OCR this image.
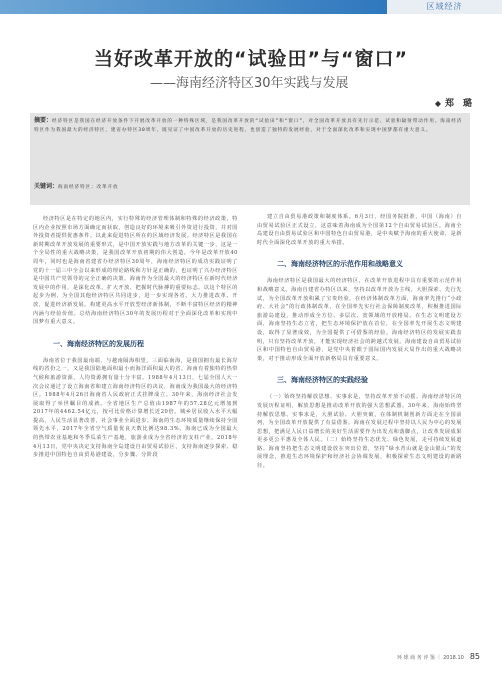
区域经济
当好改革开放的“试验田”与“窗口”

——海南经济特区30年实践与发展

◆ 郑　璐

摘要：经济特区是我国在经济开放条件下开展改革开放的一种特殊区域，是我国改革开放的“试验田”和“窗口”，对全国改革开放具有先行示范、试验和辐射带动作用。海南经济特区作为我国最大的经济特区，建省办特区30周年，既见证了中国改革开放的历史进程，也创造了独特的发展经验，对于全面深化改革和实现中国梦都有重大意义。

关键词：海南经济特区；改革开放

经济特区是在特定的地区内，实行特殊的经济管理体制和特殊的经济政策，特区内企业按照市场方面确定而获取，创造良好的环境来吸引外资进行投资，并对国外投资者提供优惠条件。以此来促进特区所在的区域经济发展。经济特区是我国在新时期改革开放发展的重要形式，是中国开放实践与地方改革的关键一步，这是一个全局性的重大战略决策，是我国改革开放初期的伟大创造。今年是改革开放40周年，同时也是海南省建省办经济特区30周年，海南经济特区的成功实践证明了党的十一届三中全会以来形成的理论路线和方针是正确的，也证明了兴办经济特区是中国共产党领导的完全正确的决策。海南作为全国最大的经济特区在新时代经济发展中的作用，是深化改革、扩大开放、把握时代脉搏的重要标志。以这个特区的起步为例，为全国其他经济特区共同进步，进一步实现各省。大力推进改革、开放，促进经济新发展。构建更高水平开放型经济新体制，不断丰富特区经济的精神内涵与经验价值。总结海南经济特区30年的发展历程对于全面深化改革和实现中国梦有重大意义。

一、海南经济特区的发展历程

海南省位于我国最南端，与越南隔海相望，三面临南海，是我国拥有最长海岸线的省份之一，又是我国陆地面积最小而海洋面积最大的省。海南有着独特的热带气候和旅游资源，人均资源拥有量十分丰富。1988年4月13日，七届全国人大一次会议通过了设立海南省和建立海南经济特区的决议，海南成为我国最大的经济特区。1988年4月26日海南省人民政府正式挂牌成立。30年来，海南经济社会发展取得了举世瞩目的成就。全省地区生产总值由1987年的57.28亿元增加到2017年的4462.54亿元，按可比价格计算增长近20倍。城乡居民收入水平大幅提高，人民生活显著改善，社会事业全面进步。海南的生态环境质量继续保持全国领先水平，2017年全省空气质量优良天数比例达98.3%。海南已成为全国最大的热带农业基地和冬季瓜菜生产基地，旅游业成为全省经济的支柱产业。2018年4月13日，党中央决定支持海南全岛建设自由贸易试验区，支持海南逐步探索、稳步推进中国特色自由贸易港建设，分步骤、分阶段

建立自由贸易港政策和制度体系。6月3日，经国务院批准，中国（海南）自由贸易试验区正式设立，这意味着海南成为全国第12个自由贸易试验区。海南全岛建设自由贸易试验区和中国特色自由贸易港，是中央赋予海南的重大使命，是新时代全面深化改革开放的重大举措。

二、海南经济特区的示范作用和战略意义

海南经济特区是我国最大的经济特区，在改革开放进程中具有重要的示范作用和战略意义。海南自建省办特区以来，坚持以改革开放为主线，大胆探索、先行先试，为全国改革开放积累了宝贵经验。在经济体制改革方面，海南率先推行“小政府、大社会”的行政体制改革，在全国率先实行社会保障制度改革，积极推进国际旅游岛建设，推动形成全方位、多层次、宽领域的开放格局。在生态文明建设方面，海南坚持生态立省，把生态环境保护放在首位，在全国率先开展生态文明建设，取得了显著成效，为全国提供了可借鉴的经验。海南经济特区的发展实践表明，只有坚持改革开放，才能实现经济社会的跨越式发展。海南建设自由贸易试验区和中国特色自由贸易港，是党中央着眼于国际国内发展大局作出的重大战略决策，对于推动形成全面开放新格局具有重要意义。

三、海南经济特区的实践经验

（一）始终坚持解放思想、实事求是，坚持改革开放不动摇。海南经济特区的发展历程证明，解放思想是推动改革开放的强大思想武器。30年来，海南始终坚持解放思想、实事求是，大胆试验、大胆突破，在体制机制创新方面走在全国前列，为全国改革开放提供了有益借鉴。海南在发展过程中坚持以人民为中心的发展思想，把满足人民日益增长的美好生活需要作为出发点和落脚点，让改革发展成果更多更公平惠及全体人民。（二）始终坚持生态优先、绿色发展，走可持续发展道路。海南坚持把生态文明建设放在突出位置，坚持“绿水青山就是金山银山”的发展理念，推进生态环境保护和经济社会协调发展，积极探索生态文明建设的新路径。

环 球 商 务 评 鉴 ｜ 2018.10 85
